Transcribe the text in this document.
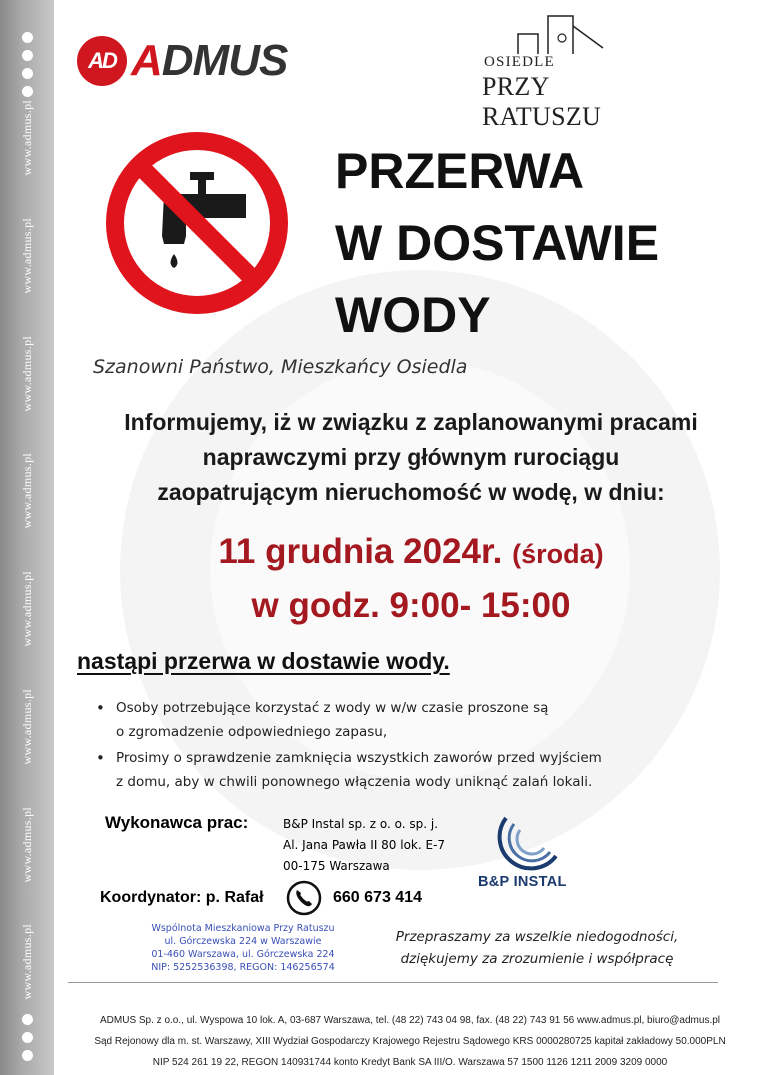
www.admus.pl
www.admus.pl
www.admus.pl
www.admus.pl
www.admus.pl
www.admus.pl
www.admus.pl
www.admus.pl
AD ADMUS	OSIEDLE
PRZY RATUSZU
PRZERWA
W DOSTAWIE
WODY
Szanowni Państwo, Mieszkańcy Osiedla
Informujemy, iż w związku z zaplanowanymi pracami
naprawczymi przy głównym rurociągu
zaopatrującym nieruchomość w wodę, w dniu:
11 grudnia 2024r. (środa)
w godz. 9:00- 15:00
nastąpi przerwa w dostawie wody.
• Osoby potrzebujące korzystać z wody w w/w czasie proszone są
o zgromadzenie odpowiedniego zapasu,
• Prosimy o sprawdzenie zamknięcia wszystkich zaworów przed wyjściem
z domu, aby w chwili ponownego włączenia wody uniknąć zalań lokali.
Wykonawca prac:	B&P Instal sp. z o. o. sp. j.
Al. Jana Pawła II 80 lok. E-7
00-175 Warszawa
B&P INSTAL
Koordynator: p. Rafał	660 673 414
Wspólnota Mieszkaniowa Przy Ratuszu
ul. Górczewska 224 w Warszawie
01-460 Warszawa, ul. Górczewska 224
NIP: 5252536398, REGON: 146256574
Przepraszamy za wszelkie niedogodności,
dziękujemy za zrozumienie i współpracę
ADMUS Sp. z o.o., ul. Wyspowa 10 lok. A, 03-687 Warszawa, tel. (48 22) 743 04 98, fax. (48 22) 743 91 56 www.admus.pl, biuro@admus.pl
Sąd Rejonowy dla m. st. Warszawy, XIII Wydział Gospodarczy Krajowego Rejestru Sądowego KRS 0000280725 kapitał zakładowy 50.000PLN
NIP 524 261 19 22, REGON 140931744 konto Kredyt Bank SA III/O. Warszawa 57 1500 1126 1211 2009 3209 0000
